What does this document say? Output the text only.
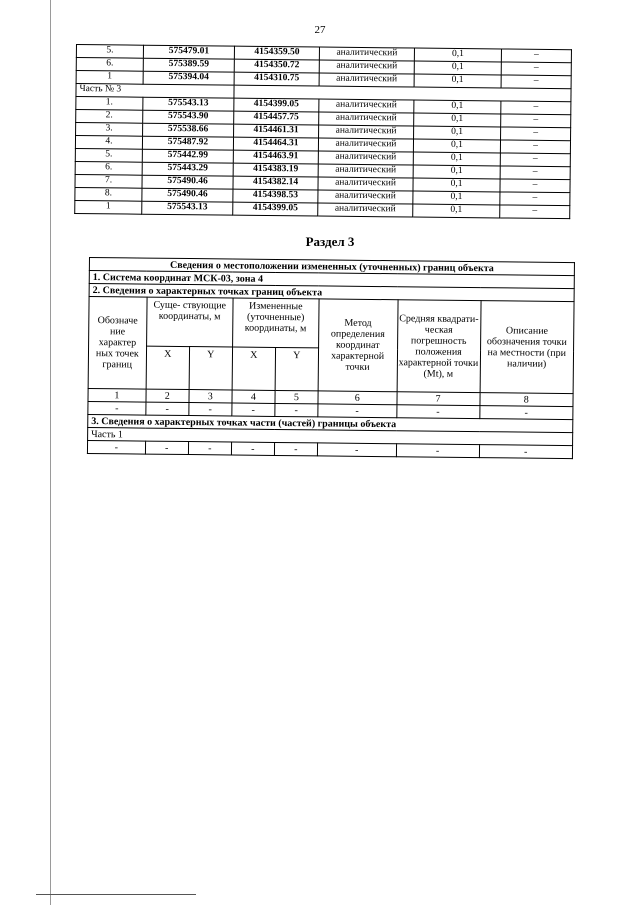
27
5.	575479.01	4154359.50	аналитический	0,1	–
6.	575389.59	4154350.72	аналитический	0,1	–
1	575394.04	4154310.75	аналитический	0,1	–
Часть № 3					
1.	575543.13	4154399.05	аналитический	0,1	–
2.	575543.90	4154457.75	аналитический	0,1	–
3.	575538.66	4154461.31	аналитический	0,1	–
4.	575487.92	4154464.31	аналитический	0,1	–
5.	575442.99	4154463.91	аналитический	0,1	–
6.	575443.29	4154383.19	аналитический	0,1	–
7.	575490.46	4154382.14	аналитический	0,1	–
8.	575490.46	4154398.53	аналитический	0,1	–
1	575543.13	4154399.05	аналитический	0,1	–
Раздел 3
Сведения о местоположении измененных (уточненных) границ объекта							
1. Система координат МСК-03, зона 4							
2. Сведения о характерных точках границ объекта							
Обозначе ние характер ных точек границ	Суще- ствующие координаты, м		Измененные (уточненные) координаты, м		Метод определения координат характерной точки	Средняя квадрати- ческая погрешность положения характерной точки (Mt), м	Описание обозначения точки на местности (при наличии)
	X	Y	X	Y			
1	2	3	4	5	6	7	8
-	-	-	-	-	-	-	-
3. Сведения о характерных точках части (частей) границы объекта							
Часть 1							
-	-	-	-	-	-	-	-
